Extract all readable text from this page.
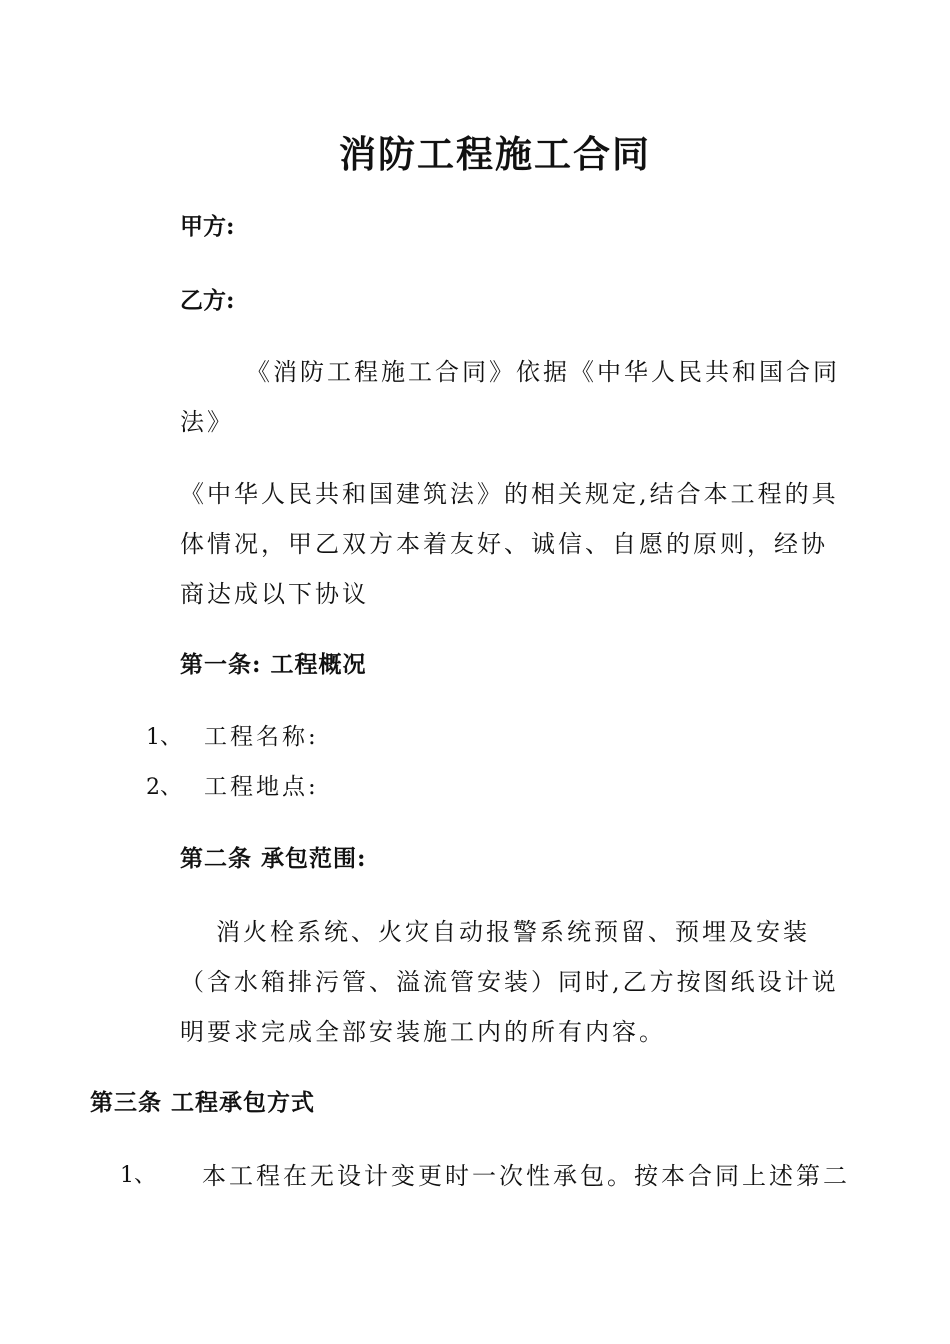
消防工程施工合同
甲方:
乙方:
《消防工程施工合同》依据《中华人民共和国合同
法》
《中华人民共和国建筑法》的相关规定,结合本工程的具
体情况，甲乙双方本着友好、诚信、自愿的原则，经协
商达成以下协议
第一条: 工程概况
1、 工程名称:
2、 工程地点:
第二条 承包范围:
消火栓系统、火灾自动报警系统预留、预埋及安装
（含水箱排污管、溢流管安装）同时,乙方按图纸设计说
明要求完成全部安装施工内的所有内容。
第三条 工程承包方式
1、 本工程在无设计变更时一次性承包。按本合同上述第二
